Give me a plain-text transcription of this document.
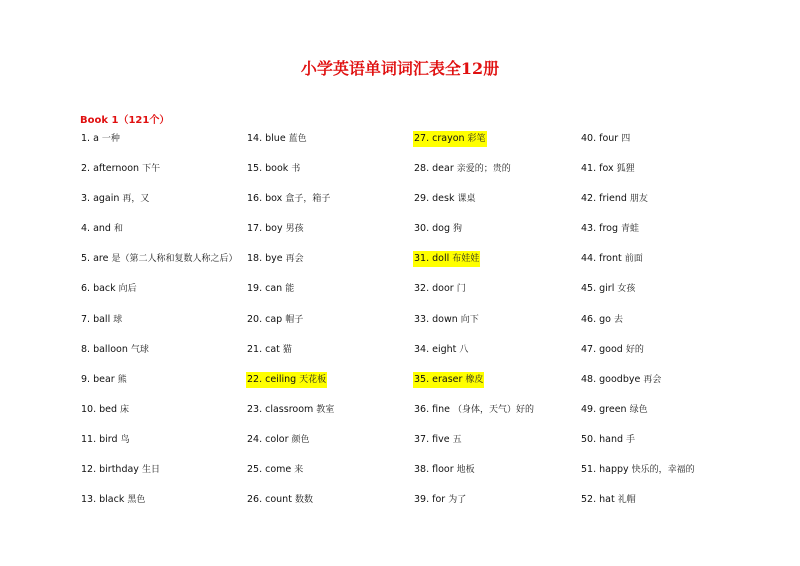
小学英语单词词汇表全12册
Book 1（121个）
1. a 一种	14. blue 蓝色	27. crayon 彩笔	40. four 四
2. afternoon 下午	15. book 书	28. dear 亲爱的；贵的	41. fox 狐狸
3. again 再，又	16. box 盒子，箱子	29. desk 课桌	42. friend 朋友
4. and 和	17. boy 男孩	30. dog 狗	43. frog 青蛙
5. are 是（第二人称和复数人称之后）	18. bye 再会	31. doll 布娃娃	44. front 前面
6. back 向后	19. can 能	32. door 门	45. girl 女孩
7. ball 球	20. cap 帽子	33. down 向下	46. go 去
8. balloon 气球	21. cat 猫	34. eight 八	47. good 好的
9. bear 熊	22. ceiling 天花板	35. eraser 橡皮	48. goodbye 再会
10. bed 床	23. classroom 教室	36. fine （身体，天气）好的	49. green 绿色
11. bird 鸟	24. color 颜色	37. five 五	50. hand 手
12. birthday 生日	25. come 来	38. floor 地板	51. happy 快乐的，幸福的
13. black 黑色	26. count 数数	39. for 为了	52. hat 礼帽
